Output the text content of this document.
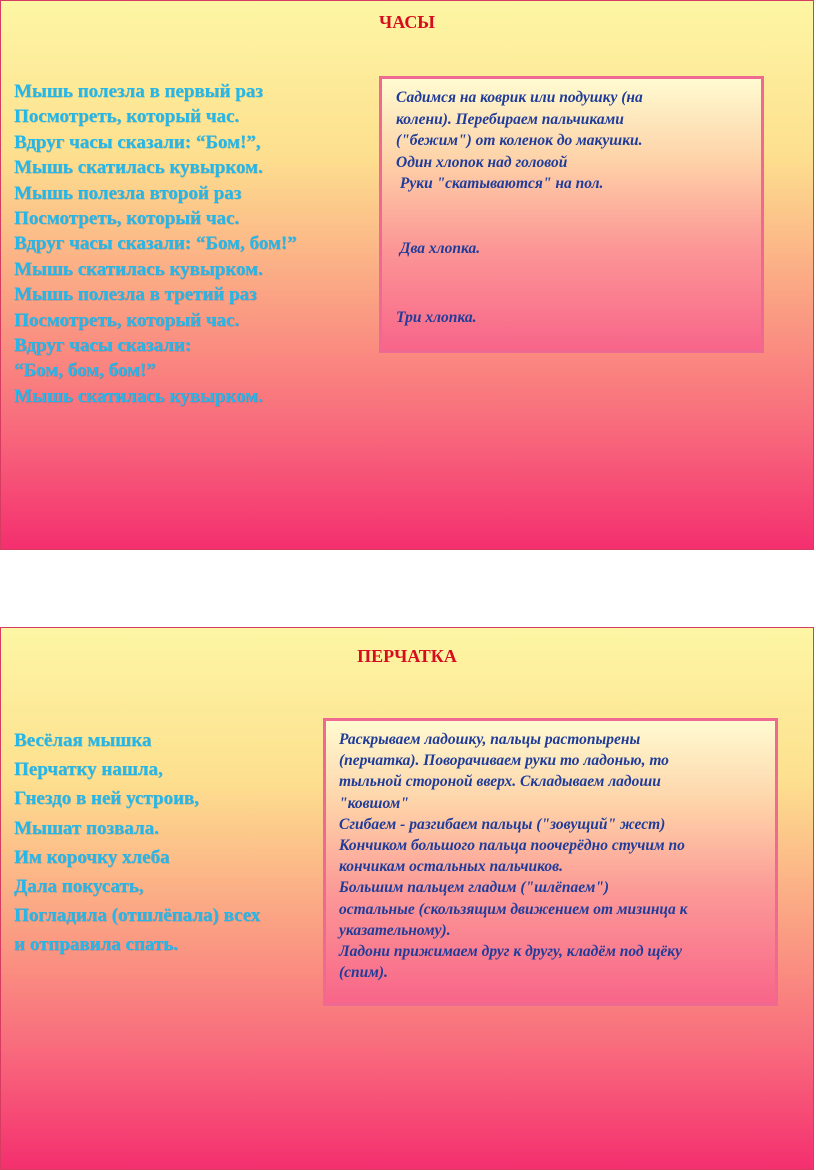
ЧАСЫ
Мышь полезла в первый раз
Посмотреть, который час.
Вдруг часы сказали: “Бом!”,
Мышь скатилась кувырком.
Мышь полезла второй раз
Посмотреть, который час.
Вдруг часы сказали: “Бом, бом!”
Мышь скатилась кувырком.
Мышь полезла в третий раз
Посмотреть, который час.
Вдруг часы сказали:
“Бом, бом, бом!”
Мышь скатилась кувырком.

Садимся на коврик или подушку (на

колени). Перебираем пальчиками

("бежим") от коленок до макушки.

Один хлопок над головой

Руки "скатываются" на пол.

Два хлопка.

Три хлопка.

ПЕРЧАТКА
Весёлая мышка
Перчатку нашла,
Гнездо в ней устроив,
Мышат позвала.
Им корочку хлеба
Дала покусать,
Погладила (отшлёпала) всех
и отправила спать.

Раскрываем ладошку, пальцы растопырены

(перчатка). Поворачиваем руки то ладонью, то

тыльной стороной вверх. Складываем ладоши

"ковшом"

Сгибаем - разгибаем пальцы ("зовущий" жест)

Кончиком большого пальца поочерёдно стучим по

кончикам остальных пальчиков.

Большим пальцем гладим ("шлёпаем")

остальные (скользящим движением от мизинца к

указательному).

Ладони прижимаем друг к другу, кладём под щёку

(спим).
